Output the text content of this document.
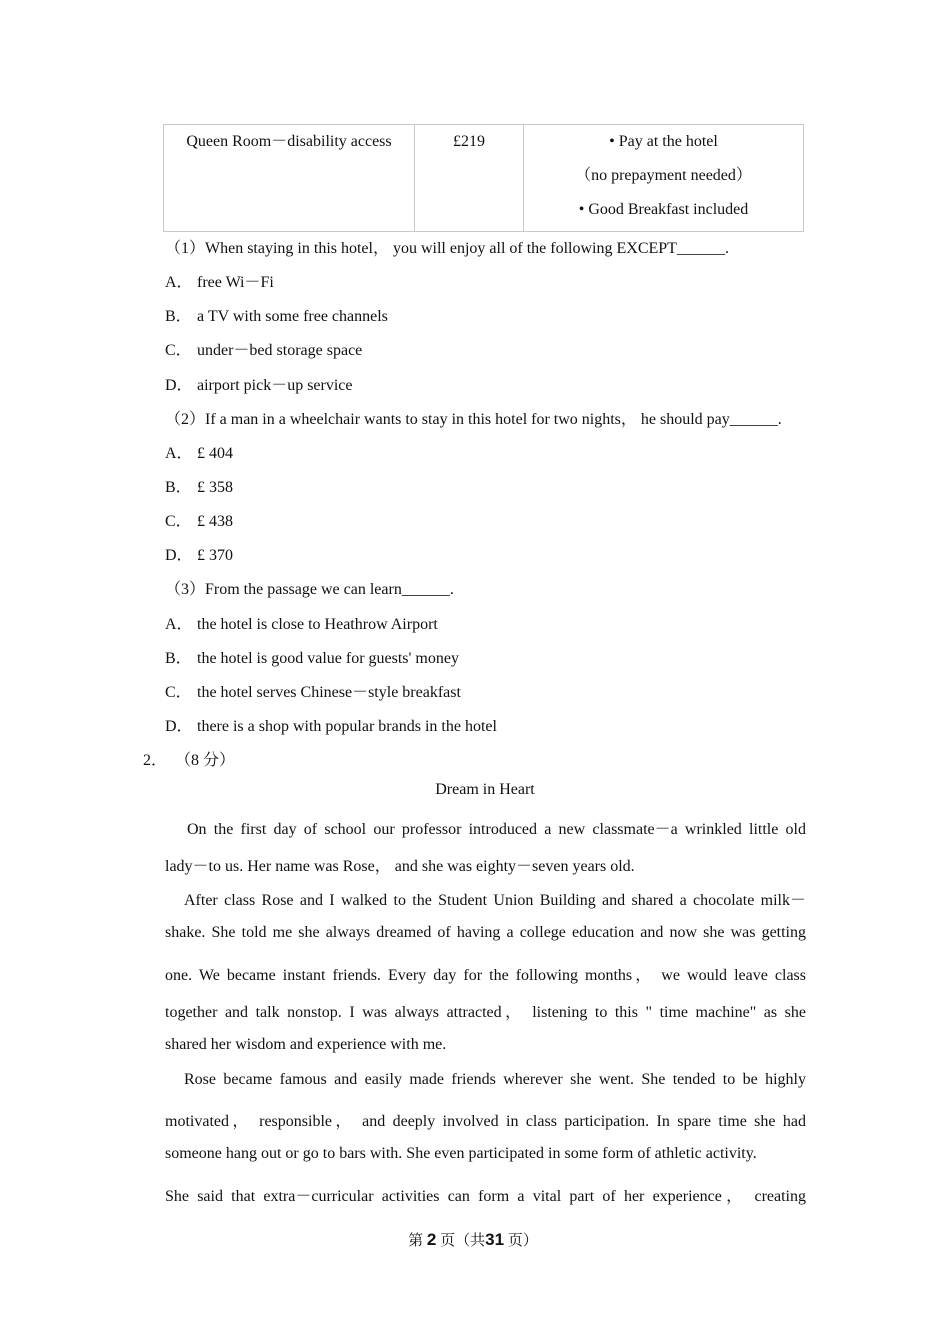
Queen Room－disability access	£219	• Pay at the hotel
（no prepayment needed）
• Good Breakfast included
（1）When staying in this hotel， you will enjoy all of the following EXCEPT______.
A． free Wi－Fi
B． a TV with some free channels
C． under－bed storage space
D． airport pick－up service
（2）If a man in a wheelchair wants to stay in this hotel for two nights， he should pay______.
A． £ 404
B． £ 358
C． £ 438
D． £ 370
（3）From the passage we can learn______.
A． the hotel is close to Heathrow Airport
B． the hotel is good value for guests' money
C． the hotel serves Chinese－style breakfast
D． there is a shop with popular brands in the hotel
2． （8 分）
Dream in Heart
On the first day of school our professor introduced a new classmate－a wrinkled little old
lady－to us. Her name was Rose， and she was eighty－seven years old.
After class Rose and I walked to the Student Union Building and shared a chocolate milk－
shake. She told me she always dreamed of having a college education and now she was getting
one. We became instant friends. Every day for the following months， we would leave class
together and talk nonstop. I was always attracted， listening to this " time machine" as she
shared her wisdom and experience with me.
Rose became famous and easily made friends wherever she went. She tended to be highly
motivated， responsible， and deeply involved in class participation. In spare time she had
someone hang out or go to bars with. She even participated in some form of athletic activity.
She said that extra－curricular activities can form a vital part of her experience， creating
第 2 页（共31 页）
